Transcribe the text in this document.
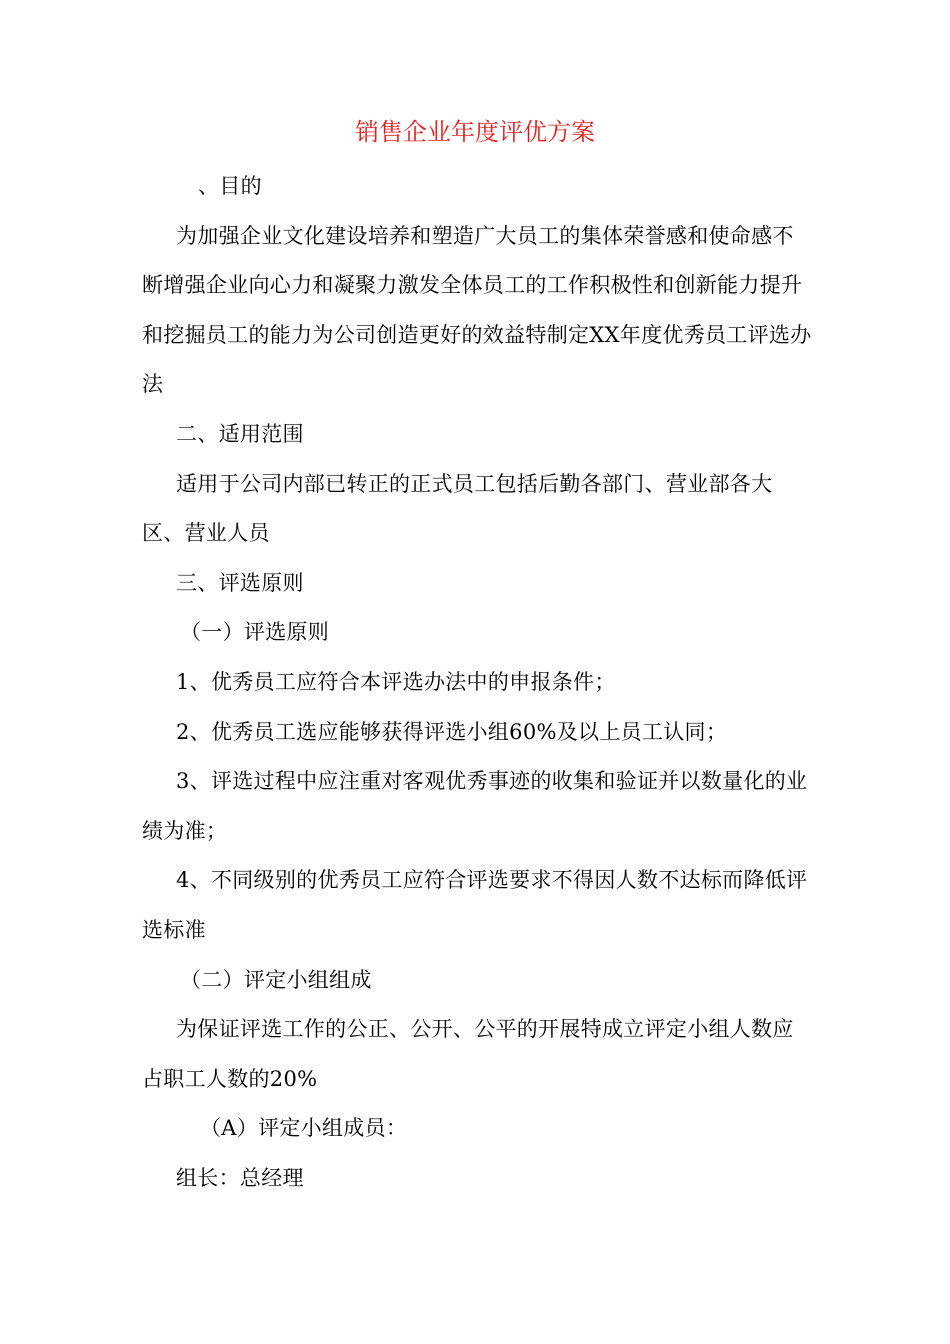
销售企业年度评优方案

、目的

为加强企业文化建设培养和塑造广大员工的集体荣誉感和使命感不断增强企业向心力和凝聚力激发全体员工的工作积极性和创新能力提升和挖掘员工的能力为公司创造更好的效益特制定XX年度优秀员工评选办法

二、适用范围

适用于公司内部已转正的正式员工包括后勤各部门、营业部各大区、营业人员

三、评选原则

（一）评选原则

1、优秀员工应符合本评选办法中的申报条件；

2、优秀员工选应能够获得评选小组60%及以上员工认同；

3、评选过程中应注重对客观优秀事迹的收集和验证并以数量化的业绩为准；

4、不同级别的优秀员工应符合评选要求不得因人数不达标而降低评选标准

（二）评定小组组成

为保证评选工作的公正、公开、公平的开展特成立评定小组人数应占职工人数的20%

（A）评定小组成员：

组长：总经理
